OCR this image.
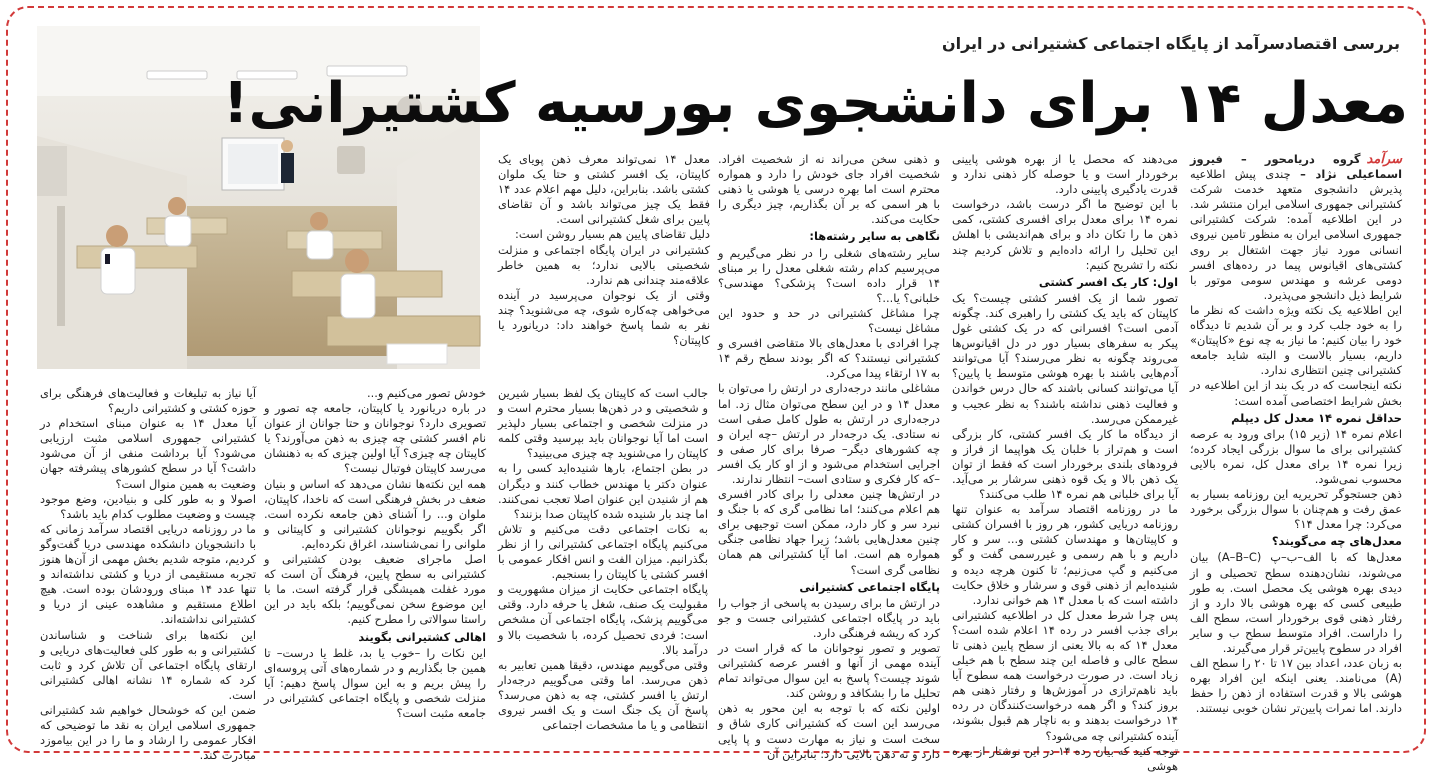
بررسی اقتصادسرآمد از پایگاه اجتماعی کشتیرانی در ایران
معدل ۱۴ برای دانشجوی بورسیه کشتیرانی!

سرآمد
گروه دریامحور – فیروز اسماعیلی نژاد – چندی پیش اطلاعیه پذیرش دانشجوی متعهد خدمت شرکت کشتیرانی جمهوری اسلامی ایران منتشر شد. در این اطلاعیه آمده: شرکت کشتیرانی جمهوری اسلامی ایران به منظور تامین نیروی انسانی مورد نیاز جهت اشتغال بر روی کشتی‌های اقیانوس پیما در رده‌های افسر دومی عرشه و مهندس سومی موتور با شرایط ذیل دانشجو می‌پذیرد.

این اطلاعیه یک نکته ویژه داشت که نظر ما را به خود جلب کرد و بر آن شدیم تا دیدگاه خود را بیان کنیم: ما نیاز به چه نوع «کاپیتان» داریم، بسیار بالاست و البته شاید جامعه کشتیرانی چنین انتظاری ندارد.

نکته اینجاست که در یک بند از این اطلاعیه در بخش شرایط اختصاصی آمده است:

حداقل نمره ۱۴ معدل کل دیپلم

اعلام نمره ۱۴ (زیر ۱۵) برای ورود به عرصه کشتیرانی برای ما سوال بزرگی ایجاد کرده؛ زیرا نمره ۱۴ برای معدل کل، نمره بالایی محسوب نمی‌شود.

ذهن جستجوگر تحریریه این روزنامه بسیار به عمق رفت و هم‌چنان با سوال بزرگی برخورد می‌کرد: چرا معدل ۱۴؟

معدل‌های چه می‌گویند؟

معدل‌ها که با الف–ب–پ (A–B–C) بیان می‌شوند، نشان‌دهنده سطح تحصیلی و از دیدی بهره هوشی یک محصل است. به طور طبیعی کسی که بهره هوشی بالا دارد و از رفتار ذهنی قوی برخوردار است، سطح الف را داراست. افراد متوسط سطح ب و سایر افراد در سطوح پایین‌تر قرار می‌گیرند.

به زبان عدد، اعداد بین ۱۷ تا ۲۰ را سطح الف (A) می‌نامند. یعنی اینکه این افراد بهره هوشی بالا و قدرت استفاده از ذهن را حفظ دارند. اما نمرات پایین‌تر نشان خوبی نیستند.

می‌دهند که محصل یا از بهره هوشی پایینی برخوردار است و یا حوصله کار ذهنی ندارد و قدرت یادگیری پایینی دارد.

با این توضیح ما اگر درست باشد، درخواست نمره ۱۴ برای معدل برای افسری کشتی، کمی ذهن ما را تکان داد و برای هم‌اندیشی با اهلش این تحلیل را ارائه داده‌ایم و تلاش کردیم چند نکته را تشریح کنیم:

اول: کار یک افسر کشتی

تصور شما از یک افسر کشتی چیست؟ یک کاپیتان که باید یک کشتی را راهبری کند. چگونه آدمی است؟ افسرانی که در یک کشتی غول پیکر به سفرهای بسیار دور در دل اقیانوس‌ها می‌روند چگونه به نظر می‌رسند؟ آیا می‌توانند آدم‌هایی باشند با بهره هوشی متوسط یا پایین؟ آیا می‌توانند کسانی باشند که حال درس خواندن و فعالیت ذهنی نداشته باشند؟ به نظر عجیب و غیرممکن می‌رسد.

از دیدگاه ما کار یک افسر کشتی، کار بزرگی است و هم‌تراز با خلبان یک هواپیما از فراز و فرودهای بلندی برخوردار است که فقط از توان یک ذهن بالا و یک قوه ذهنی سرشار بر می‌آید. آیا برای خلبانی هم نمره ۱۴ طلب می‌کنند؟

ما در روزنامه اقتصاد سرآمد به عنوان تنها روزنامه دریایی کشور، هر روز با افسران کشتی و کاپیتان‌ها و مهندسان کشتی و... سر و کار داریم و با هم رسمی و غیررسمی گفت و گو می‌کنیم و گپ می‌زنیم؛ تا کنون هرچه دیده و شنیده‌ایم از ذهنی قوی و سرشار و خلاق حکایت داشته است که با معدل ۱۴ هم خوانی ندارد.

پس چرا شرط معدل کل در اطلاعیه کشتیرانی برای جذب افسر در رده ۱۴ اعلام شده است؟ معدل ۱۴ که به بالا یعنی از سطح پایین ذهنی تا سطح عالی و فاصله این چند سطح با هم خیلی زیاد است. در صورت درخواست همه سطوح آیا باید ناهم‌ترازی در آموزش‌ها و رفتار ذهنی هم بروز کند؟ و اگر همه درخواست‌کنندگان در رده ۱۴ درخواست بدهند و به ناچار هم قبول بشوند، آینده کشتیرانی چه می‌شود؟

توجه کنید که بیان رده ۱۴ در این نوشتار از بهره هوشی

و ذهنی سخن می‌راند نه از شخصیت افراد. شخصیت افراد جای خودش را دارد و همواره محترم است اما بهره درسی یا هوشی یا ذهنی با هر اسمی که بر آن بگذاریم، چیز دیگری را حکایت می‌کند.

نگاهی به سایر رشته‌ها:

سایر رشته‌های شغلی را در نظر می‌گیریم و می‌پرسیم کدام رشته شغلی معدل را بر مبنای ۱۴ قرار داده است؟ پزشکی؟ مهندسی؟ خلبانی؟ یا...؟

چرا مشاغل کشتیرانی در حد و حدود این مشاغل نیست؟

چرا افرادی با معدل‌های بالا متقاضی افسری و کشتیرانی نیستند؟ که اگر بودند سطح رقم ۱۴ به ۱۷ ارتقاء پیدا می‌کرد.

مشاغلی مانند درجه‌داری در ارتش را می‌توان با معدل ۱۴ و در این سطح می‌توان مثال زد. اما درجه‌داری در ارتش به طول کامل صفی است نه ستادی. یک درجه‌دار در ارتش –چه ایران و چه کشورهای دیگر– صرفا برای کار صفی و اجرایی استخدام می‌شود و از او کار یک افسر –که کار فکری و ستادی است– انتظار ندارند.

در ارتش‌ها چنین معدلی را برای کادر افسری هم اعلام می‌کنند؛ اما نظامی گری که با جنگ و نبرد سر و کار دارد، ممکن است توجیهی برای چنین معدل‌هایی باشد؛ زیرا جهاد نظامی جنگی همواره هم است. اما آیا کشتیرانی هم همان نظامی گری است؟

پایگاه اجتماعی کشتیرانی

در ارتش ما برای رسیدن به پاسخی از جواب را باید در پایگاه اجتماعی کشتیرانی جست و جو کرد که ریشه فرهنگی دارد.

تصویر و تصور نوجوانان ما که قرار است در آینده مهمی از آنها و افسر عرصه کشتیرانی شوند چیست؟ پاسخ به این سوال می‌تواند تمام تحلیل ما را بشکافد و روشن کند.

اولین نکته که با توجه به این محور به ذهن می‌رسد این است که کشتیرانی کاری شاق و سخت است و نیاز به مهارت دست و پا پایی دارد و نه ذهن بالایی دارد؛ بنابراین آن

معدل ۱۴ نمی‌تواند معرف ذهن پویای یک کاپیتان، یک افسر کشتی و حتا یک ملوان کشتی باشد. بنابراین، دلیل مهم اعلام عدد ۱۴ فقط یک چیز می‌تواند باشد و آن تقاضای پایین برای شغل کشتیرانی است.

دلیل تقاضای پایین هم بسیار روشن است:

کشتیرانی در ایران پایگاه اجتماعی و منزلت شخصیتی بالایی ندارد؛ به همین خاطر علاقه‌مند چندانی هم ندارد.

وقتی از یک نوجوان می‌پرسید در آینده می‌خواهی چه‌کاره شوی، چه می‌شنوید؟ چند نفر به شما پاسخ خواهند داد: دریانورد یا کاپیتان؟

جالب است که کاپیتان یک لفظ بسیار شیرین و شخصیتی و در ذهن‌ها بسیار محترم است و در منزلت شخصی و اجتماعی بسیار دلپذیر است اما آیا نوجوانان باید بپرسید وقتی کلمه کاپیتان را می‌شنوید چه چیزی می‌بینید؟

در بطن اجتماع، بارها شنیده‌اید کسی را به عنوان دکتر یا مهندس خطاب کنند و دیگران هم از شنیدن این عنوان اصلا تعجب نمی‌کنند. اما چند بار شنیده شده کاپیتان صدا بزنند؟

به نکات اجتماعی دقت می‌کنیم و تلاش می‌کنیم پایگاه اجتماعی کشتیرانی را از نظر بگذرانیم. میزان الفت و انس افکار عمومی با افسر کشتی یا کاپیتان را بسنجیم.

پایگاه اجتماعی حکایت از میزان مشهوریت و مقبولیت یک صنف، شغل یا حرفه دارد. وقتی می‌گوییم پزشک، پایگاه اجتماعی آن مشخص است: فردی تحصیل کرده، با شخصیت بالا و درآمد بالا.

وقتی می‌گوییم مهندس، دقیقا همین تعابیر به ذهن می‌رسد. اما وقتی می‌گوییم درجه‌دار ارتش یا افسر کشتی، چه به ذهن می‌رسد؟ پاسخ آن یک جنگ است و یک افسر نیروی انتظامی و یا ما مشخصات اجتماعی

خودش تصور می‌کنیم و...

در باره دریانورد یا کاپیتان، جامعه چه تصور و تصویری دارد؟ نوجوانان و حتا جوانان از عنوان نام افسر کشتی چه چیزی به ذهن می‌آورند؟ یا کاپیتان چه چیزی؟ آیا اولین چیزی که به ذهنشان می‌رسد کاپیتان فوتبال نیست؟

همه این نکته‌ها نشان می‌دهد که اساس و بنیان ضعف در بخش فرهنگی است که ناخدا، کاپیتان، ملوان و... را آشنای ذهن جامعه نکرده است. اگر بگوییم نوجوانان کشتیرانی و کاپیتانی و ملوانی را نمی‌شناسند، اغراق نکرده‌ایم.

اصل ماجرای ضعیف بودن کشتیرانی و کشتیرانی به سطح پایین، فرهنگ آن است که مورد غفلت همیشگی قرار گرفته است. ما با این موضوع سخن نمی‌گوییم؛ بلکه باید در این راستا سوالاتی را مطرح کنیم.

اهالی کشتیرانی بگویند

این نکات را –خوب یا بد، غلط یا درست– تا همین جا بگذاریم و در شماره‌های آتی پروسه‌ای را پیش بریم و به این سوال پاسخ دهیم: آیا منزلت شخصی و پایگاه اجتماعی کشتیرانی در جامعه مثبت است؟

آیا نیاز به تبلیغات و فعالیت‌های فرهنگی برای حوزه کشتی و کشتیرانی داریم؟

آیا معدل ۱۴ به عنوان مبنای استخدام در کشتیرانی جمهوری اسلامی مثبت ارزیابی می‌شود؟ آیا برداشت منفی از آن می‌شود داشت؟ آیا در سطح کشورهای پیشرفته جهان وضعیت به همین منوال است؟

اصولا و به طور کلی و بنیادین، وضع موجود چیست و وضعیت مطلوب کدام باید باشد؟

ما در روزنامه دریایی اقتصاد سرآمد زمانی که با دانشجویان دانشکده مهندسی دریا گفت‌وگو کردیم، متوجه شدیم بخش مهمی از آن‌ها هنوز تجربه مستقیمی از دریا و کشتی نداشته‌اند و تنها عدد ۱۴ مبنای ورودشان بوده است. هیچ اطلاع مستقیم و مشاهده عینی از دریا و کشتیرانی نداشته‌اند.

این نکته‌ها برای شناخت و شناساندن کشتیرانی و به طور کلی فعالیت‌های دریایی و ارتقای پایگاه اجتماعی آن تلاش کرد و ثابت کرد که شماره ۱۴ نشانه اهالی کشتیرانی است.

ضمن این که خوشحال خواهیم شد کشتیرانی جمهوری اسلامی ایران به نقد ما توضیحی که افکار عمومی را ارشاد و ما را در این بیاموزد مبادرت کند.
